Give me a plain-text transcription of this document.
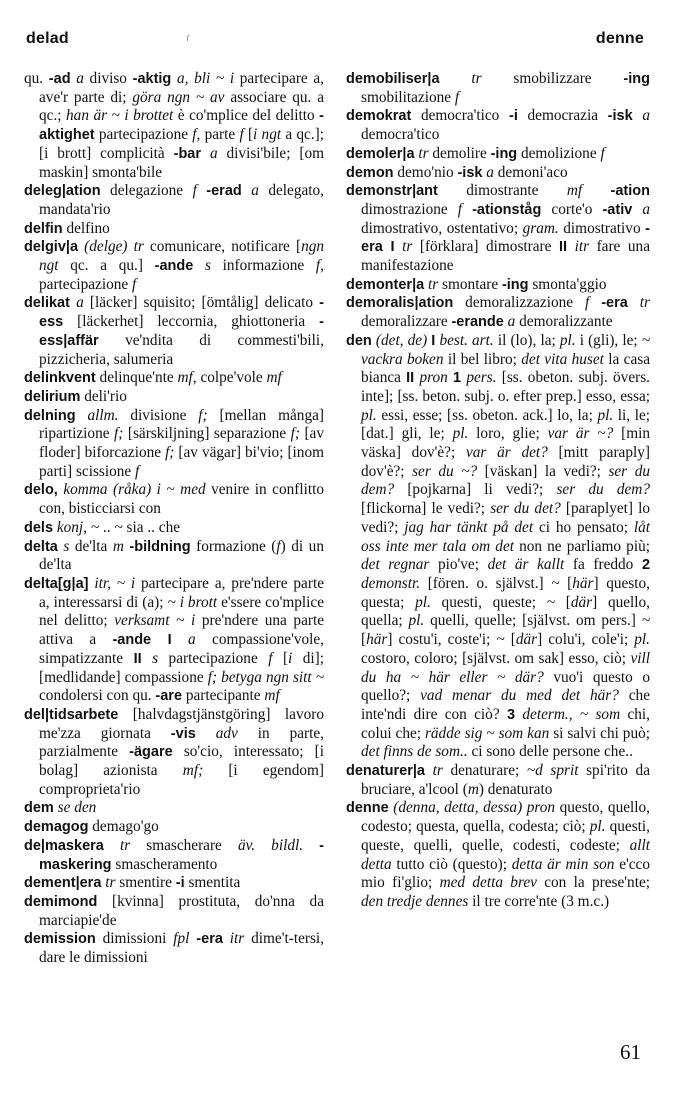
delad	ᶠ	denne

qu. -ad a diviso -aktig a, bli ~ i partecipare a, ave'r parte di; göra ngn ~ av associare qu. a qc.; han är ~ i brottet è co'mplice del delitto -aktighet partecipazione f, parte f [i ngt a qc.]; [i brott] complicità -bar a divisi'bile; [om maskin] smonta'bile

deleg|ation delegazione f -erad a delegato, mandata'rio

delfin delfino

delgiv|a (delge) tr comunicare, notificare [ngn ngt qc. a qu.] -ande s informazione f, partecipazione f

delikat a [läcker] squisito; [ömtålig] delicato -ess [läckerhet] leccornia, ghiottoneria -ess|affär ve'ndita di commesti'bili, pizzicheria, salumeria

delinkvent delinque'nte mf, colpe'vole mf

delirium deli'rio

delning allm. divisione f; [mellan många] ripartizione f; [särskiljning] separazione f; [av floder] biforcazione f; [av vägar] bi'vio; [inom parti] scissione f

delo, komma (råka) i ~ med venire in conflitto con, bisticciarsi con

dels konj, ~ .. ~ sia .. che

delta s de'lta m -bildning formazione (f) di un de'lta

delta[g|a] itr, ~ i partecipare a, pre'ndere parte a, interessarsi di (a); ~ i brott e'ssere co'mplice nel delitto; verksamt ~ i pre'ndere una parte attiva a -ande I a compassione'vole, simpatizzante II s partecipazione f [i di]; [medlidande] compassione f; betyga ngn sitt ~ condolersi con qu. -are partecipante mf

del|tidsarbete [halvdagstjänstgöring] lavoro me'zza giornata -vis adv in parte, parzialmente -ägare so'cio, interessato; [i bolag] azionista mf; [i egendom] comproprieta'rio

dem se den

demagog demago'go

de|maskera tr smascherare äv. bildl. -maskering smascheramento

dement|era tr smentire -i smentita

demimond [kvinna] prostituta, do'nna da marciapie'de

demission dimissioni fpl -era itr dime't-tersi, dare le dimissioni

demobiliser|a tr smobilizzare -ing smobilitazione f

demokrat democra'tico -i democrazia -isk a democra'tico

demoler|a tr demolire -ing demolizione f

demon demo'nio -isk a demoni'aco

demonstr|ant dimostrante mf -ation dimostrazione f -ationståg corte'o -ativ a dimostrativo, ostentativo; gram. dimostrativo -era I tr [förklara] dimostrare II itr fare una manifestazione

demonter|a tr smontare -ing smonta'ggio

demoralis|ation demoralizzazione f -era tr demoralizzare -erande a demoralizzante

den (det, de) I best. art. il (lo), la; pl. i (gli), le; ~ vackra boken il bel libro; det vita huset la casa bianca II pron 1 pers. [ss. obeton. subj. övers. inte]; [ss. beton. subj. o. efter prep.] esso, essa; pl. essi, esse; [ss. obeton. ack.] lo, la; pl. li, le; [dat.] gli, le; pl. loro, glie; var är ~? [min väska] dov'è?; var är det? [mitt paraply] dov'è?; ser du ~? [väskan] la vedi?; ser du dem? [pojkarna] li vedi?; ser du dem? [flickorna] le vedi?; ser du det? [paraplyet] lo vedi?; jag har tänkt på det ci ho pensato; låt oss inte mer tala om det non ne parliamo più; det regnar pio've; det är kallt fa freddo 2 demonstr. [fören. o. självst.] ~ [här] questo, questa; pl. questi, queste; ~ [där] quello, quella; pl. quelli, quelle; [självst. om pers.] ~ [här] costu'i, coste'i; ~ [där] colu'i, cole'i; pl. costoro, coloro; [självst. om sak] esso, ciò; vill du ha ~ här eller ~ där? vuo'i questo o quello?; vad menar du med det här? che inte'ndi dire con ciò? 3 determ., ~ som chi, colui che; rädde sig ~ som kan si salvi chi può; det finns de som.. ci sono delle persone che..

denaturer|a tr denaturare; ~d sprit spi'rito da bruciare, a'lcool (m) denaturato

denne (denna, detta, dessa) pron questo, quello, codesto; questa, quella, codesta; ciò; pl. questi, queste, quelli, quelle, codesti, codeste; allt detta tutto ciò (questo); detta är min son e'cco mio fi'glio; med detta brev con la prese'nte; den tredje dennes il tre corre'nte (3 m.c.)

61
